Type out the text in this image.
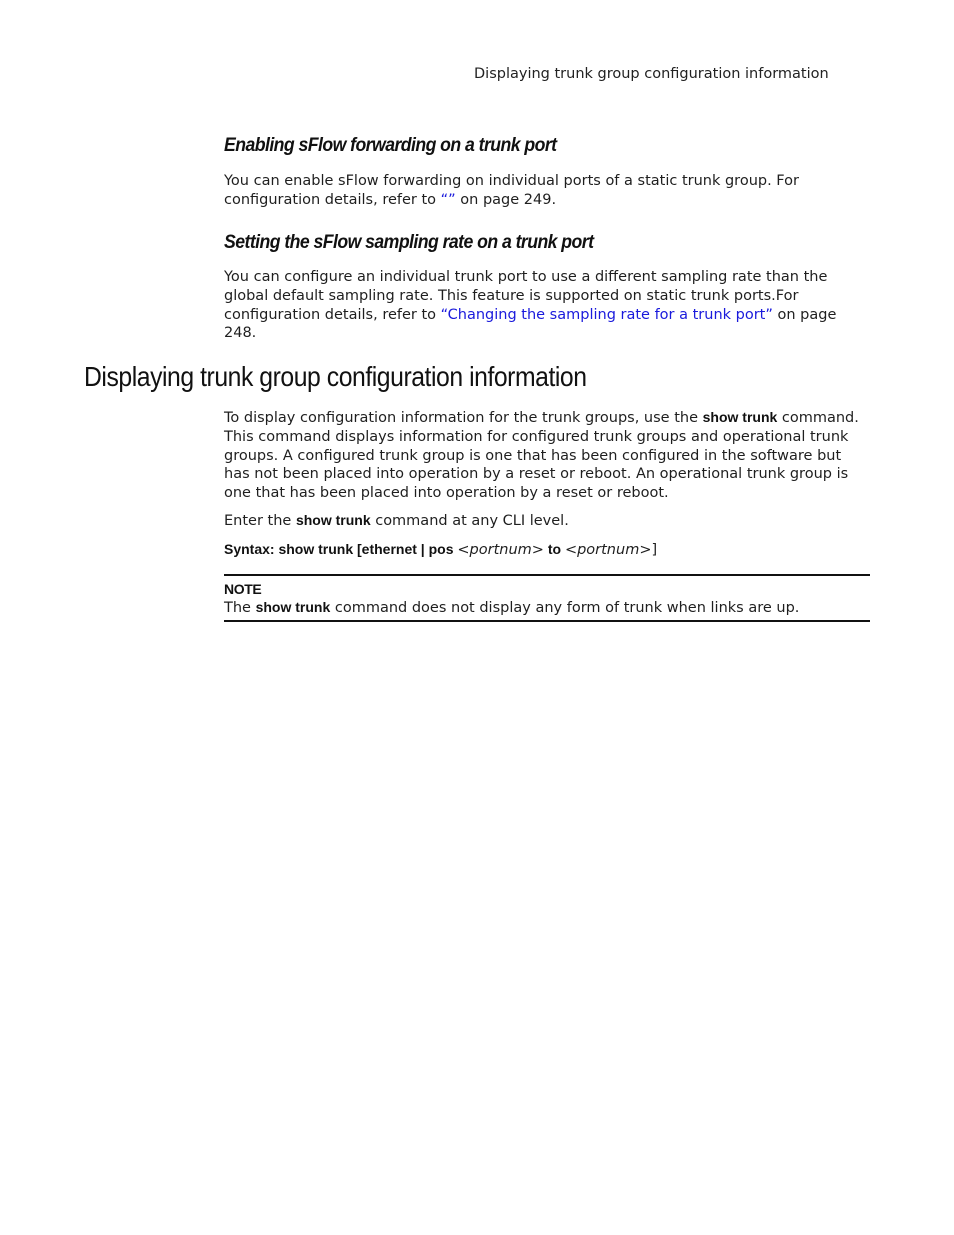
Displaying trunk group configuration information
Enabling sFlow forwarding on a trunk port

You can enable sFlow forwarding on individual ports of a static trunk group. For configuration details, refer to “” on page 249.

Setting the sFlow sampling rate on a trunk port

You can configure an individual trunk port to use a different sampling rate than the global default sampling rate. This feature is supported on static trunk ports.For configuration details, refer to “Changing the sampling rate for a trunk port” on page 248.

Displaying trunk group configuration information

To display configuration information for the trunk groups, use the show trunk command. This command displays information for configured trunk groups and operational trunk groups. A configured trunk group is one that has been configured in the software but has not been placed into operation by a reset or reboot. An operational trunk group is one that has been placed into operation by a reset or reboot.

Enter the show trunk command at any CLI level.

Syntax: show trunk [ethernet | pos <portnum> to <portnum>]

NOTE
The show trunk command does not display any form of trunk when links are up.
